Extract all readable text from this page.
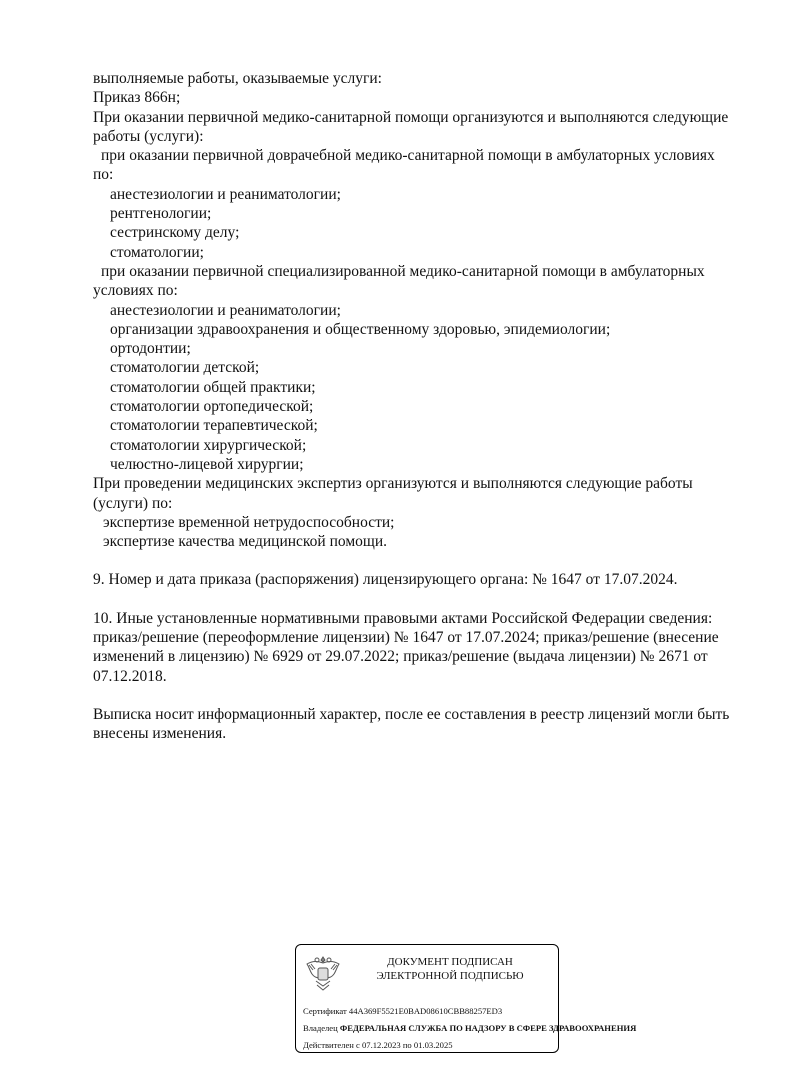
выполняемые работы, оказываемые услуги:
Приказ 866н;
При оказании первичной медико-санитарной помощи организуются и выполняются следующие
работы (услуги):
при оказании первичной доврачебной медико-санитарной помощи в амбулаторных условиях
по:
анестезиологии и реаниматологии;
рентгенологии;
сестринскому делу;
стоматологии;
при оказании первичной специализированной медико-санитарной помощи в амбулаторных
условиях по:
анестезиологии и реаниматологии;
организации здравоохранения и общественному здоровью, эпидемиологии;
ортодонтии;
стоматологии детской;
стоматологии общей практики;
стоматологии ортопедической;
стоматологии терапевтической;
стоматологии хирургической;
челюстно-лицевой хирургии;
При проведении медицинских экспертиз организуются и выполняются следующие работы
(услуги) по:
экспертизе временной нетрудоспособности;
экспертизе качества медицинской помощи.
9. Номер и дата приказа (распоряжения) лицензирующего органа: № 1647 от 17.07.2024.
10. Иные установленные нормативными правовыми актами Российской Федерации сведения: приказ/решение (переоформление лицензии) № 1647 от 17.07.2024; приказ/решение (внесение изменений в лицензию) № 6929 от 29.07.2022; приказ/решение (выдача лицензии) № 2671 от 07.12.2018.
Выписка носит информационный характер, после ее составления в реестр лицензий могли быть внесены изменения.
ДОКУМЕНТ ПОДПИСАН
ЭЛЕКТРОННОЙ ПОДПИСЬЮ
Сертификат 44A369F5521E0BAD08610CBB88257ED3
Владелец ФЕДЕРАЛЬНАЯ СЛУЖБА ПО НАДЗОРУ В СФЕРЕ ЗДРАВООХРАНЕНИЯ
Действителен с 07.12.2023 по 01.03.2025
